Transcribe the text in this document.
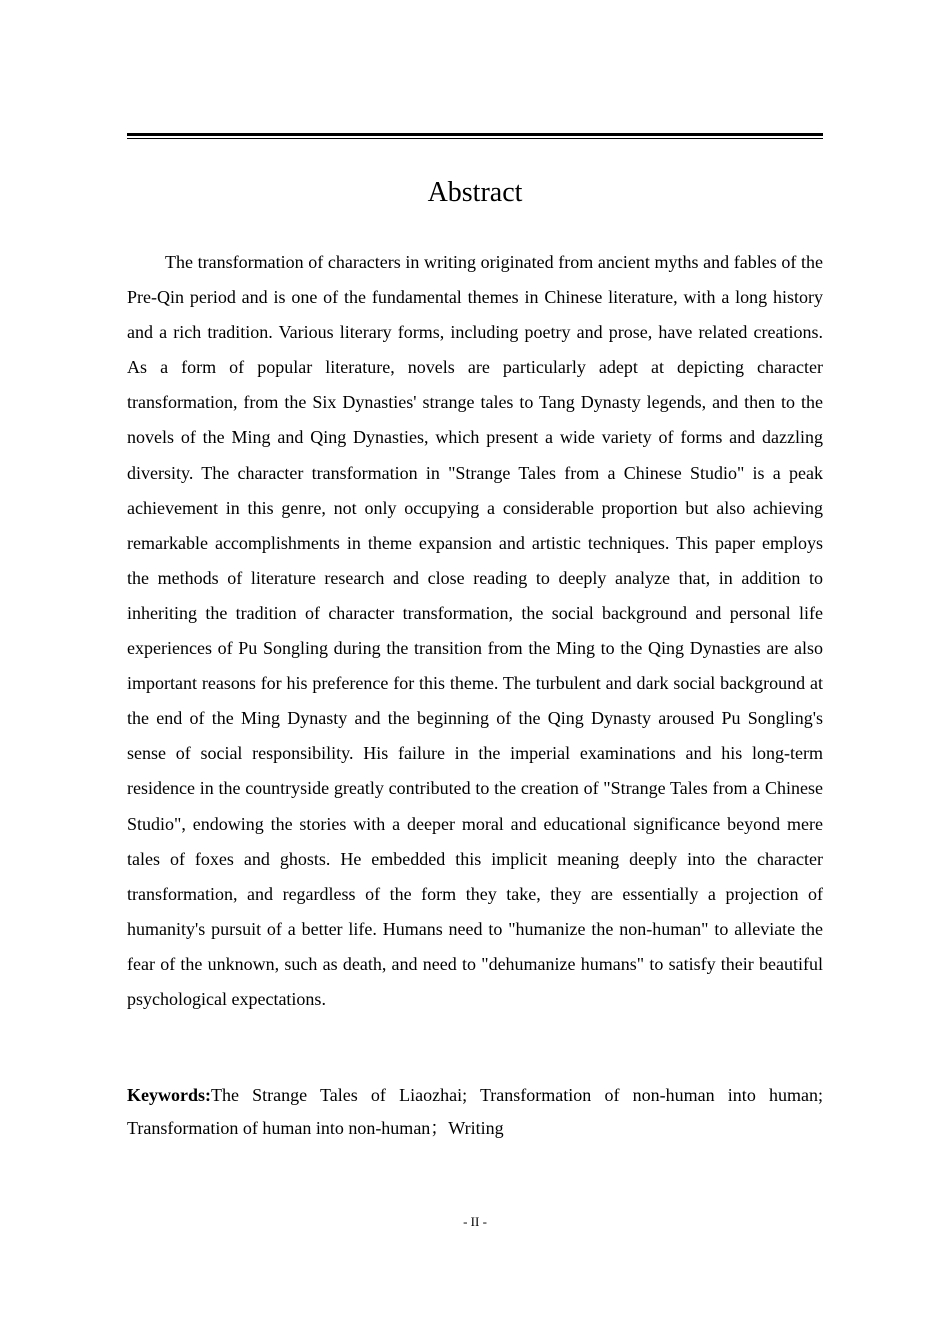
Abstract

The transformation of characters in writing originated from ancient myths and fables of the Pre-Qin period and is one of the fundamental themes in Chinese literature, with a long history and a rich tradition. Various literary forms, including poetry and prose, have related creations. As a form of popular literature, novels are particularly adept at depicting character transformation, from the Six Dynasties' strange tales to Tang Dynasty legends, and then to the novels of the Ming and Qing Dynasties, which present a wide variety of forms and dazzling diversity. The character transformation in "Strange Tales from a Chinese Studio" is a peak achievement in this genre, not only occupying a considerable proportion but also achieving remarkable accomplishments in theme expansion and artistic techniques. This paper employs the methods of literature research and close reading to deeply analyze that, in addition to inheriting the tradition of character transformation, the social background and personal life experiences of Pu Songling during the transition from the Ming to the Qing Dynasties are also important reasons for his preference for this theme. The turbulent and dark social background at the end of the Ming Dynasty and the beginning of the Qing Dynasty aroused Pu Songling's sense of social responsibility. His failure in the imperial examinations and his long-term residence in the countryside greatly contributed to the creation of "Strange Tales from a Chinese Studio", endowing the stories with a deeper moral and educational significance beyond mere tales of foxes and ghosts. He embedded this implicit meaning deeply into the character transformation, and regardless of the form they take, they are essentially a projection of humanity's pursuit of a better life. Humans need to "humanize the non-human" to alleviate the fear of the unknown, such as death, and need to "dehumanize humans" to satisfy their beautiful psychological expectations.

Keywords:The Strange Tales of Liaozhai; Transformation of non-human into human; Transformation of human into non-human；Writing

- II -
